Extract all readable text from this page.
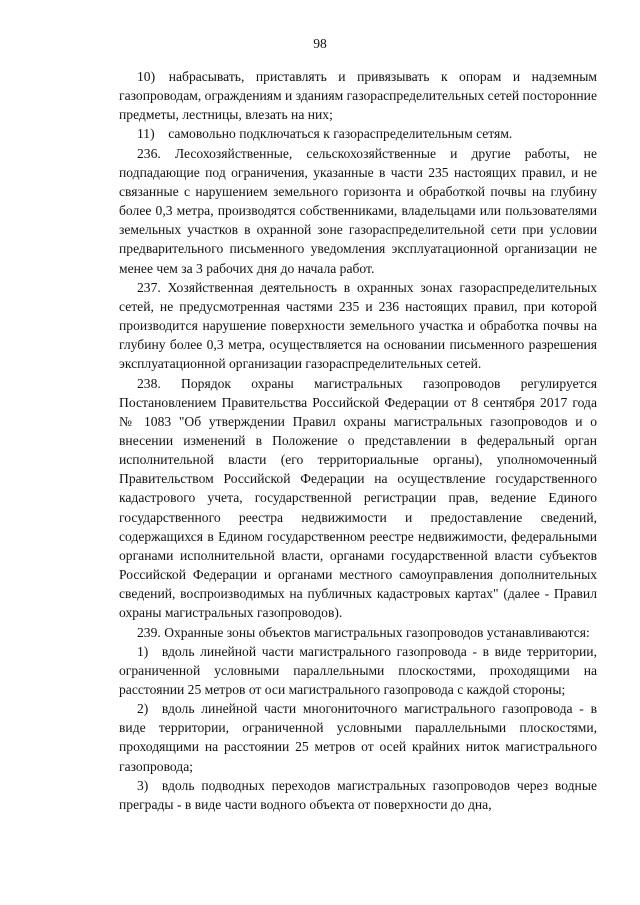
98

10) набрасывать, приставлять и привязывать к опорам и надземным газопроводам, ограждениям и зданиям газораспределительных сетей посторонние предметы, лестницы, влезать на них;

11) самовольно подключаться к газораспределительным сетям.

236. Лесохозяйственные, сельскохозяйственные и другие работы, не подпадающие под ограничения, указанные в части 235 настоящих правил, и не связанные с нарушением земельного горизонта и обработкой почвы на глубину более 0,3 метра, производятся собственниками, владельцами или пользователями земельных участков в охранной зоне газораспределительной сети при условии предварительного письменного уведомления эксплуатационной организации не менее чем за 3 рабочих дня до начала работ.

237. Хозяйственная деятельность в охранных зонах газораспределительных сетей, не предусмотренная частями 235 и 236 настоящих правил, при которой производится нарушение поверхности земельного участка и обработка почвы на глубину более 0,3 метра, осуществляется на основании письменного разрешения эксплуатационной организации газораспределительных сетей.

238. Порядок охраны магистральных газопроводов регулируется Постановлением Правительства Российской Федерации от 8 сентября 2017 года № 1083 "Об утверждении Правил охраны магистральных газопроводов и о внесении изменений в Положение о представлении в федеральный орган исполнительной власти (его территориальные органы), уполномоченный Правительством Российской Федерации на осуществление государственного кадастрового учета, государственной регистрации прав, ведение Единого государственного реестра недвижимости и предоставление сведений, содержащихся в Едином государственном реестре недвижимости, федеральными органами исполнительной власти, органами государственной власти субъектов Российской Федерации и органами местного самоуправления дополнительных сведений, воспроизводимых на публичных кадастровых картах" (далее - Правил охраны магистральных газопроводов).

239. Охранные зоны объектов магистральных газопроводов устанавливаются:

1) вдоль линейной части магистрального газопровода - в виде территории, ограниченной условными параллельными плоскостями, проходящими на расстоянии 25 метров от оси магистрального газопровода с каждой стороны;

2) вдоль линейной части многониточного магистрального газопровода - в виде территории, ограниченной условными параллельными плоскостями, проходящими на расстоянии 25 метров от осей крайних ниток магистрального газопровода;

3) вдоль подводных переходов магистральных газопроводов через водные преграды - в виде части водного объекта от поверхности до дна,
